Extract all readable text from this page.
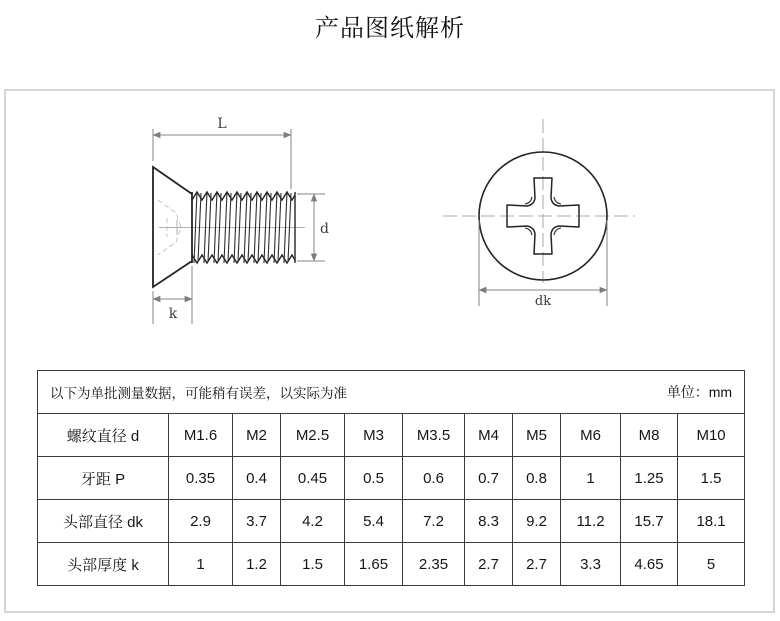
产品图纸解析
L
d
k
dk
以下为单批测量数据，可能稍有误差，以实际为准 单位：mm										

螺纹直径 d	M1.6	M2	M2.5	M3	M3.5	M4	M5	M6	M8	M10
牙距 P	0.35	0.4	0.45	0.5	0.6	0.7	0.8	1	1.25	1.5
头部直径 dk	2.9	3.7	4.2	5.4	7.2	8.3	9.2	11.2	15.7	18.1
头部厚度 k	1	1.2	1.5	1.65	2.35	2.7	2.7	3.3	4.65	5
